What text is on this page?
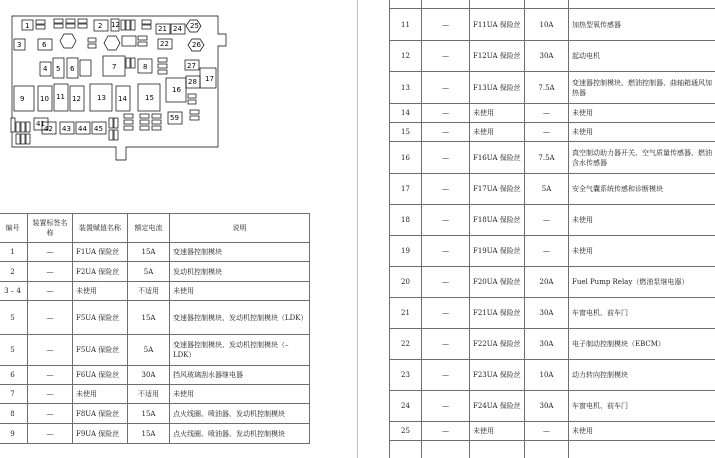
1	2 12	21 24 25
3	6	22	26
4 5 6	7	8	27
17
9 10 11 12 13 14	15
16
28
41
42 43 44 45
59
编号	装置标签名称	装置赋值名称	额定电流	说明
1	—	F1UA 保险丝	15A	变速器控制模块
2	—	F2UA 保险丝	5A	发动机控制模块
3 – 4	—	未使用	不适用	未使用
5	—	F5UA 保险丝	15A	变速器控制模块、发动机控制模块（LDK）
5	—	F5UA 保险丝	5A	变速器控制模块、发动机控制模块（–LDK）
6	—	F6UA 保险丝	30A	挡风玻璃刮水器继电器
7	—	未使用	不适用	未使用
8	—	F8UA 保险丝	15A	点火线圈、喷油器、发动机控制模块
9	—	F9UA 保险丝	15A	点火线圈、喷油器、发动机控制模块

11	—	F11UA 保险丝	10A	加热型氧传感器
12	—	F12UA 保险丝	30A	起动电机
13	—	F13UA 保险丝	7.5A	变速器控制模块、燃油控制器、曲轴箱通风加热器
14	—	未使用	—	未使用
15	—	未使用	—	未使用
16	—	F16UA 保险丝	7.5A	真空制动助力器开关、空气质量传感器、燃油含水传感器
17	—	F17UA 保险丝	5A	安全气囊系统传感和诊断模块
18	—	F18UA 保险丝	—	未使用
19	—	F19UA 保险丝	—	未使用
20	—	F20UA 保险丝	20A	Fuel Pump Relay（燃油泵继电器）
21	—	F21UA 保险丝	30A	车窗电机、前车门
22	—	F22UA 保险丝	30A	电子制动控制模块（EBCM）
23	—	F23UA 保险丝	10A	动力转向控制模块
24	—	F24UA 保险丝	30A	车窗电机、前车门
25	—	未使用	—	未使用
